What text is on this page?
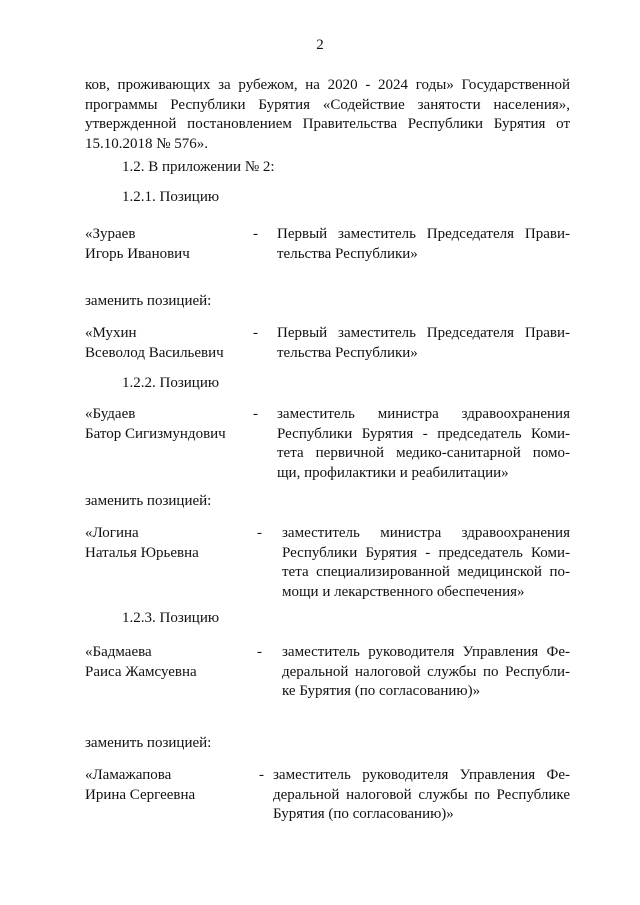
2

ков, проживающих за рубежом, на 2020 - 2024 годы» Государственной программы Республики Бурятия «Содействие занятости населения», утвержденной постановлением Правительства Республики Бурятия от 15.10.2018 № 576».

1.2. В приложении № 2:

1.2.1. Позицию

«Зураев
Игорь Иванович
- Первый заместитель Председателя Прави-
тельства Республики»

заменить позицией:

«Мухин
Всеволод Васильевич
- Первый заместитель Председателя Прави-
тельства Республики»

1.2.2. Позицию

«Будаев
Батор Сигизмундович
- заместитель министра здравоохранения
Республики Бурятия - председатель Коми-
тета первичной медико-санитарной помо-
щи, профилактики и реабилитации»

заменить позицией:

«Логина
Наталья Юрьевна
- заместитель министра здравоохранения
Республики Бурятия - председатель Коми-
тета специализированной медицинской по-
мощи и лекарственного обеспечения»

1.2.3. Позицию

«Бадмаева
Раиса Жамсуевна
- заместитель руководителя Управления Фе-
деральной налоговой службы по Республи-
ке Бурятия (по согласованию)»

заменить позицией:

«Ламажапова
Ирина Сергеевна
- заместитель руководителя Управления Фе-
деральной налоговой службы по Республике
Бурятия (по согласованию)»
